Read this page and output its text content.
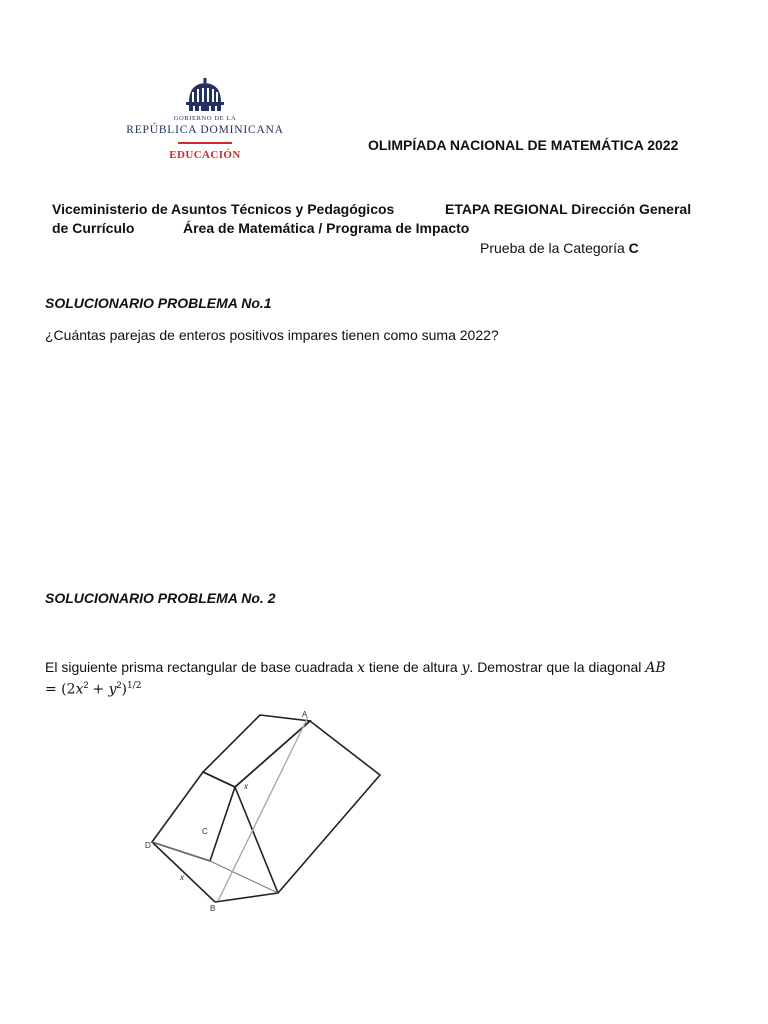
GOBIERNO DE LA
REPÚBLICA DOMINICANA
EDUCACIÓN
OLIMPÍADA NACIONAL DE MATEMÁTICA 2022
Viceministerio de Asuntos Técnicos y Pedagógicos	ETAPA REGIONAL Dirección General
de Currículo	Área de Matemática / Programa de Impacto
Prueba de la Categoría C
SOLUCIONARIO PROBLEMA No.1
¿Cuántas parejas de enteros positivos impares tienen como suma 2022?
SOLUCIONARIO PROBLEMA No. 2
El siguiente prisma rectangular de base cuadrada x tiene de altura y. Demostrar que la diagonal AB
= $(2x^2 + y^2)^{1/2}$
A
B
C
D
x
x
